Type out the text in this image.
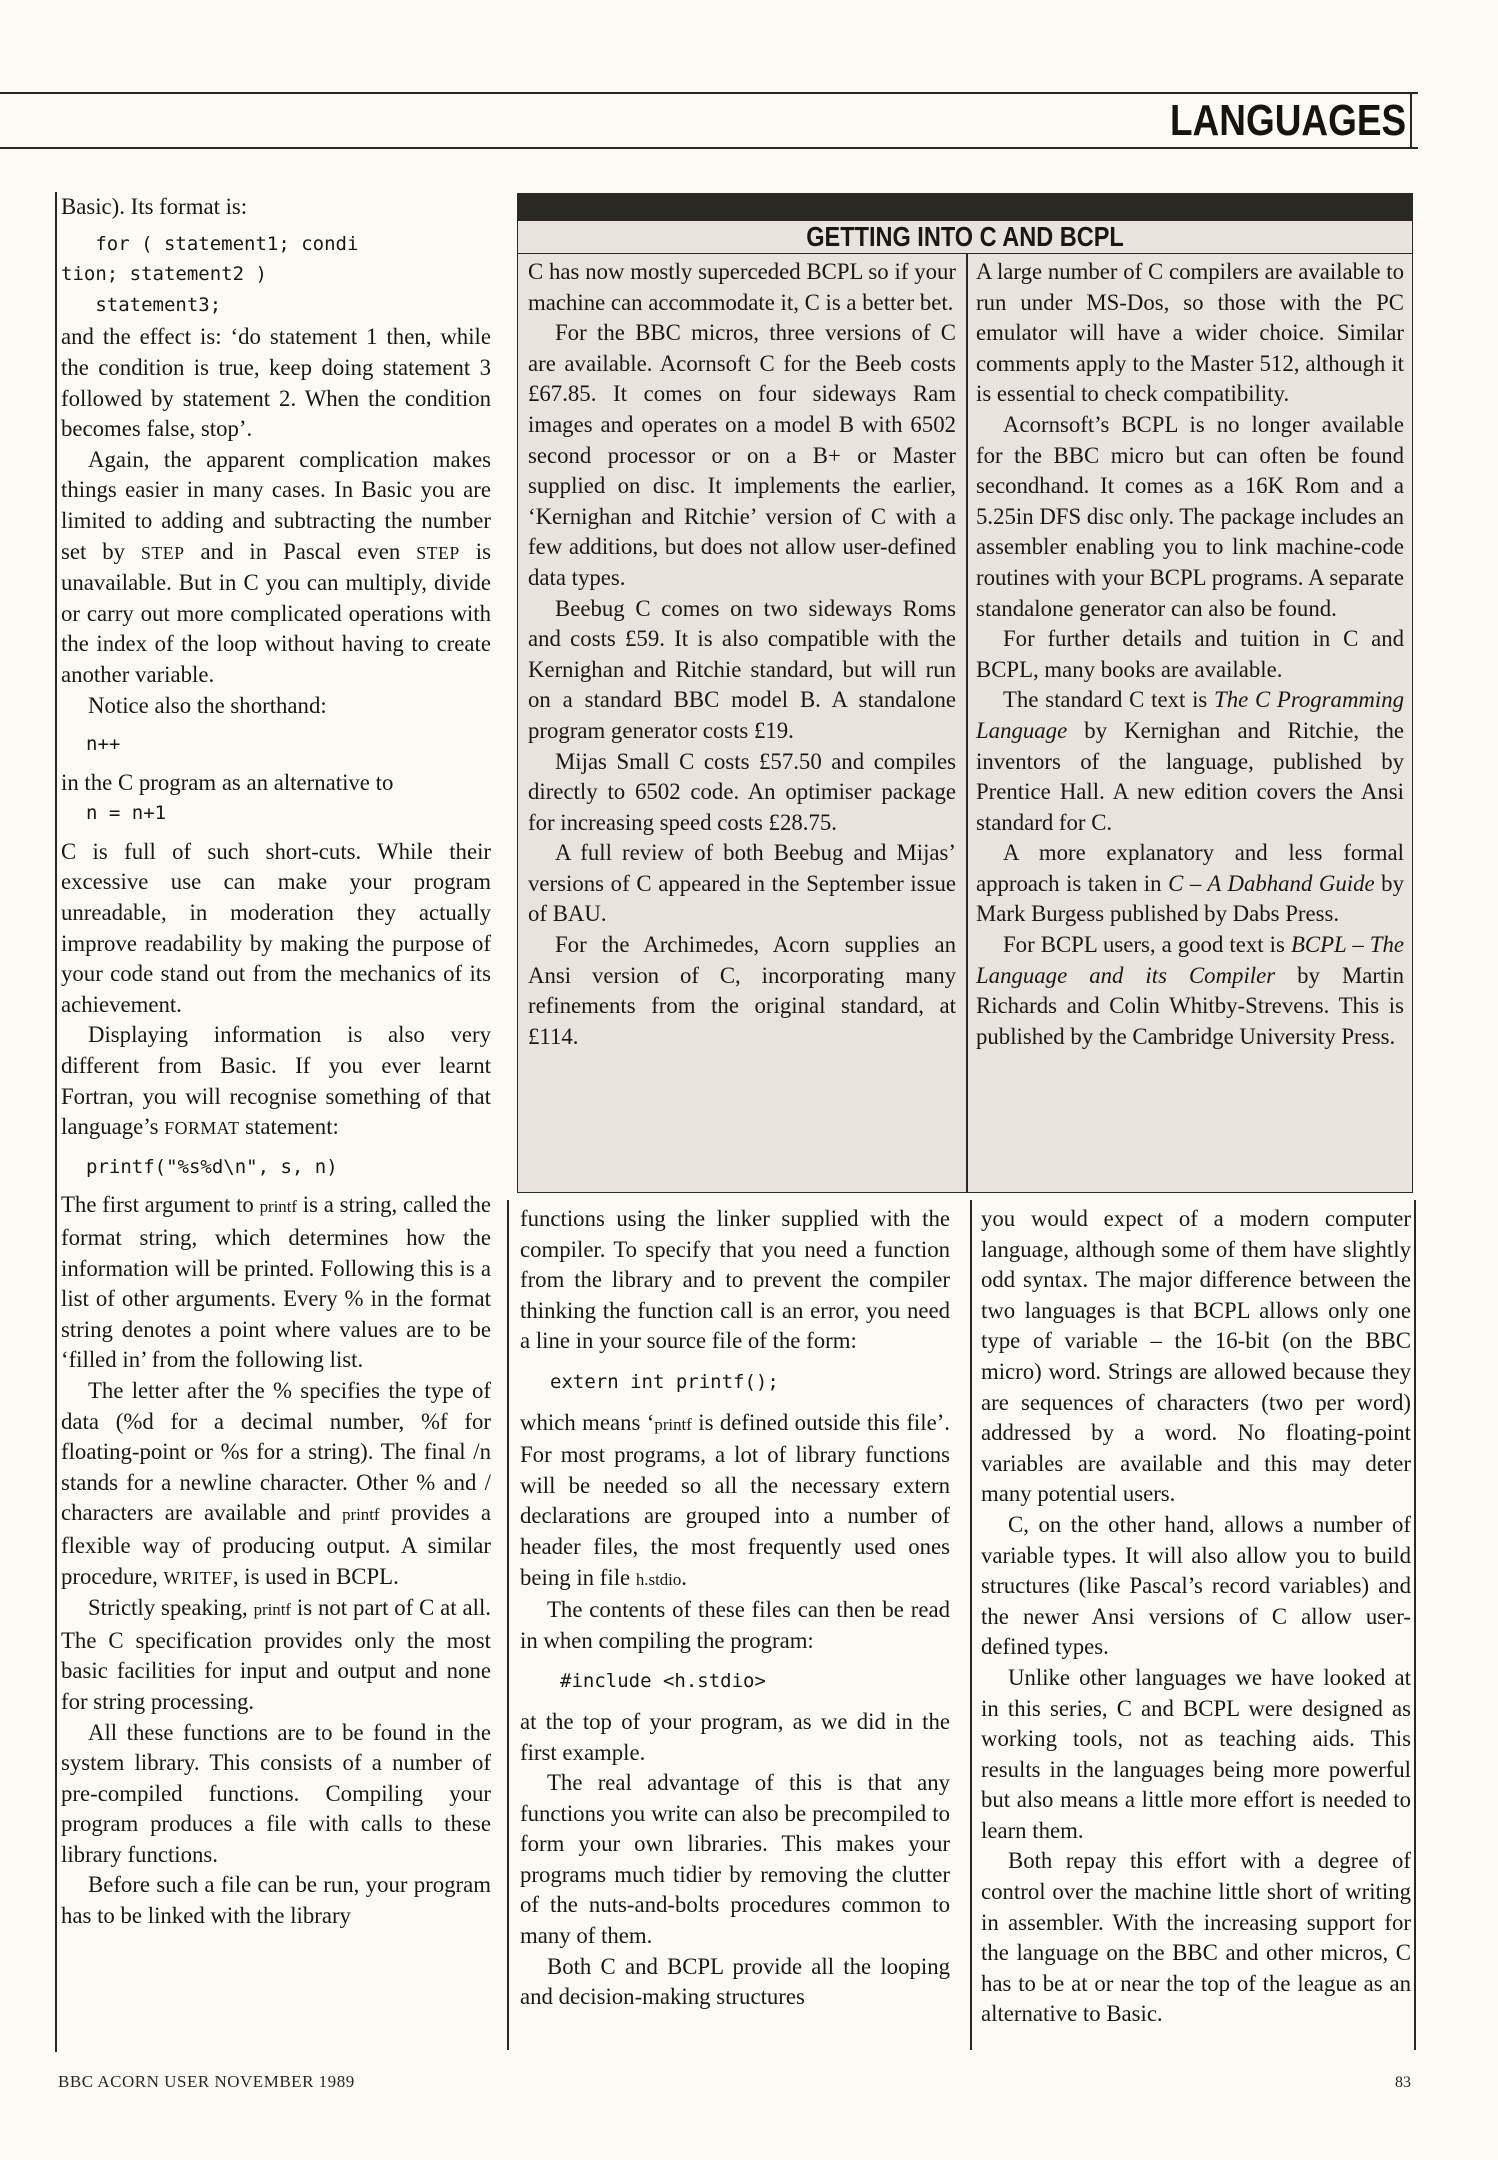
LANGUAGES

Basic). Its format is:

for ( statement1; condi
tion; statement2 )
statement3;

and the effect is: ‘do statement 1 then, while the condition is true, keep doing statement 3 followed by statement 2. When the condition becomes false, stop’.

Again, the apparent complication makes things easier in many cases. In Basic you are limited to adding and subtracting the number set by STEP and in Pascal even STEP is unavailable. But in C you can multiply, divide or carry out more complicated operations with the index of the loop without having to create another variable.

Notice also the shorthand:

n++

in the C program as an alternative to

n = n+1

C is full of such short-cuts. While their excessive use can make your program unreadable, in moderation they actually improve readability by making the purpose of your code stand out from the mechanics of its achievement.

Displaying information is also very different from Basic. If you ever learnt Fortran, you will recognise something of that language’s FORMAT statement:

printf("%s%d\n", s, n)

The first argument to printf is a string, called the format string, which determines how the information will be printed. Following this is a list of other arguments. Every % in the format string denotes a point where values are to be ‘filled in’ from the following list.

The letter after the % specifies the type of data (%d for a decimal number, %f for floating-point or %s for a string). The final /n stands for a newline character. Other % and / characters are available and printf provides a flexible way of producing output. A similar procedure, WRITEF, is used in BCPL.

Strictly speaking, printf is not part of C at all. The C specification provides only the most basic facilities for input and output and none for string processing.

All these functions are to be found in the system library. This consists of a number of pre-compiled functions. Compiling your program produces a file with calls to these library functions.

Before such a file can be run, your program has to be linked with the library

GETTING INTO C AND BCPL

C has now mostly superceded BCPL so if your machine can accommodate it, C is a better bet.

For the BBC micros, three versions of C are available. Acornsoft C for the Beeb costs £67.85. It comes on four sideways Ram images and operates on a model B with 6502 second processor or on a B+ or Master supplied on disc. It implements the earlier, ‘Kernighan and Ritchie’ version of C with a few additions, but does not allow user-defined data types.

Beebug C comes on two sideways Roms and costs £59. It is also compatible with the Kernighan and Ritchie standard, but will run on a standard BBC model B. A standalone program generator costs £19.

Mijas Small C costs £57.50 and compiles directly to 6502 code. An optimiser package for increasing speed costs £28.75.

A full review of both Beebug and Mijas’ versions of C appeared in the September issue of BAU.

For the Archimedes, Acorn supplies an Ansi version of C, incorporating many refinements from the original standard, at £114.

A large number of C compilers are available to run under MS-Dos, so those with the PC emulator will have a wider choice. Similar comments apply to the Master 512, although it is essential to check compatibility.

Acornsoft’s BCPL is no longer available for the BBC micro but can often be found secondhand. It comes as a 16K Rom and a 5.25in DFS disc only. The package includes an assembler enabling you to link machine-code routines with your BCPL programs. A separate standalone generator can also be found.

For further details and tuition in C and BCPL, many books are available.

The standard C text is The C Programming Language by Kernighan and Ritchie, the inventors of the language, published by Prentice Hall. A new edition covers the Ansi standard for C.

A more explanatory and less formal approach is taken in C – A Dabhand Guide by Mark Burgess published by Dabs Press.

For BCPL users, a good text is BCPL – The Language and its Compiler by Martin Richards and Colin Whitby-Strevens. This is published by the Cambridge University Press.

functions using the linker supplied with the compiler. To specify that you need a function from the library and to prevent the compiler thinking the function call is an error, you need a line in your source file of the form:

extern int printf();

which means ‘printf is defined outside this file’. For most programs, a lot of library functions will be needed so all the necessary extern declarations are grouped into a number of header files, the most frequently used ones being in file h.stdio.

The contents of these files can then be read in when compiling the program:

#include <h.stdio>

at the top of your program, as we did in the first example.

The real advantage of this is that any functions you write can also be precompiled to form your own libraries. This makes your programs much tidier by removing the clutter of the nuts-and-bolts procedures common to many of them.

Both C and BCPL provide all the looping and decision-making structures

you would expect of a modern computer language, although some of them have slightly odd syntax. The major difference between the two languages is that BCPL allows only one type of variable – the 16-bit (on the BBC micro) word. Strings are allowed because they are sequences of characters (two per word) addressed by a word. No floating-point variables are available and this may deter many potential users.

C, on the other hand, allows a number of variable types. It will also allow you to build structures (like Pascal’s record variables) and the newer Ansi versions of C allow user-defined types.

Unlike other languages we have looked at in this series, C and BCPL were designed as working tools, not as teaching aids. This results in the languages being more powerful but also means a little more effort is needed to learn them.

Both repay this effort with a degree of control over the machine little short of writing in assembler. With the increasing support for the language on the BBC and other micros, C has to be at or near the top of the league as an alternative to Basic.

BBC ACORN USER NOVEMBER 1989	83
